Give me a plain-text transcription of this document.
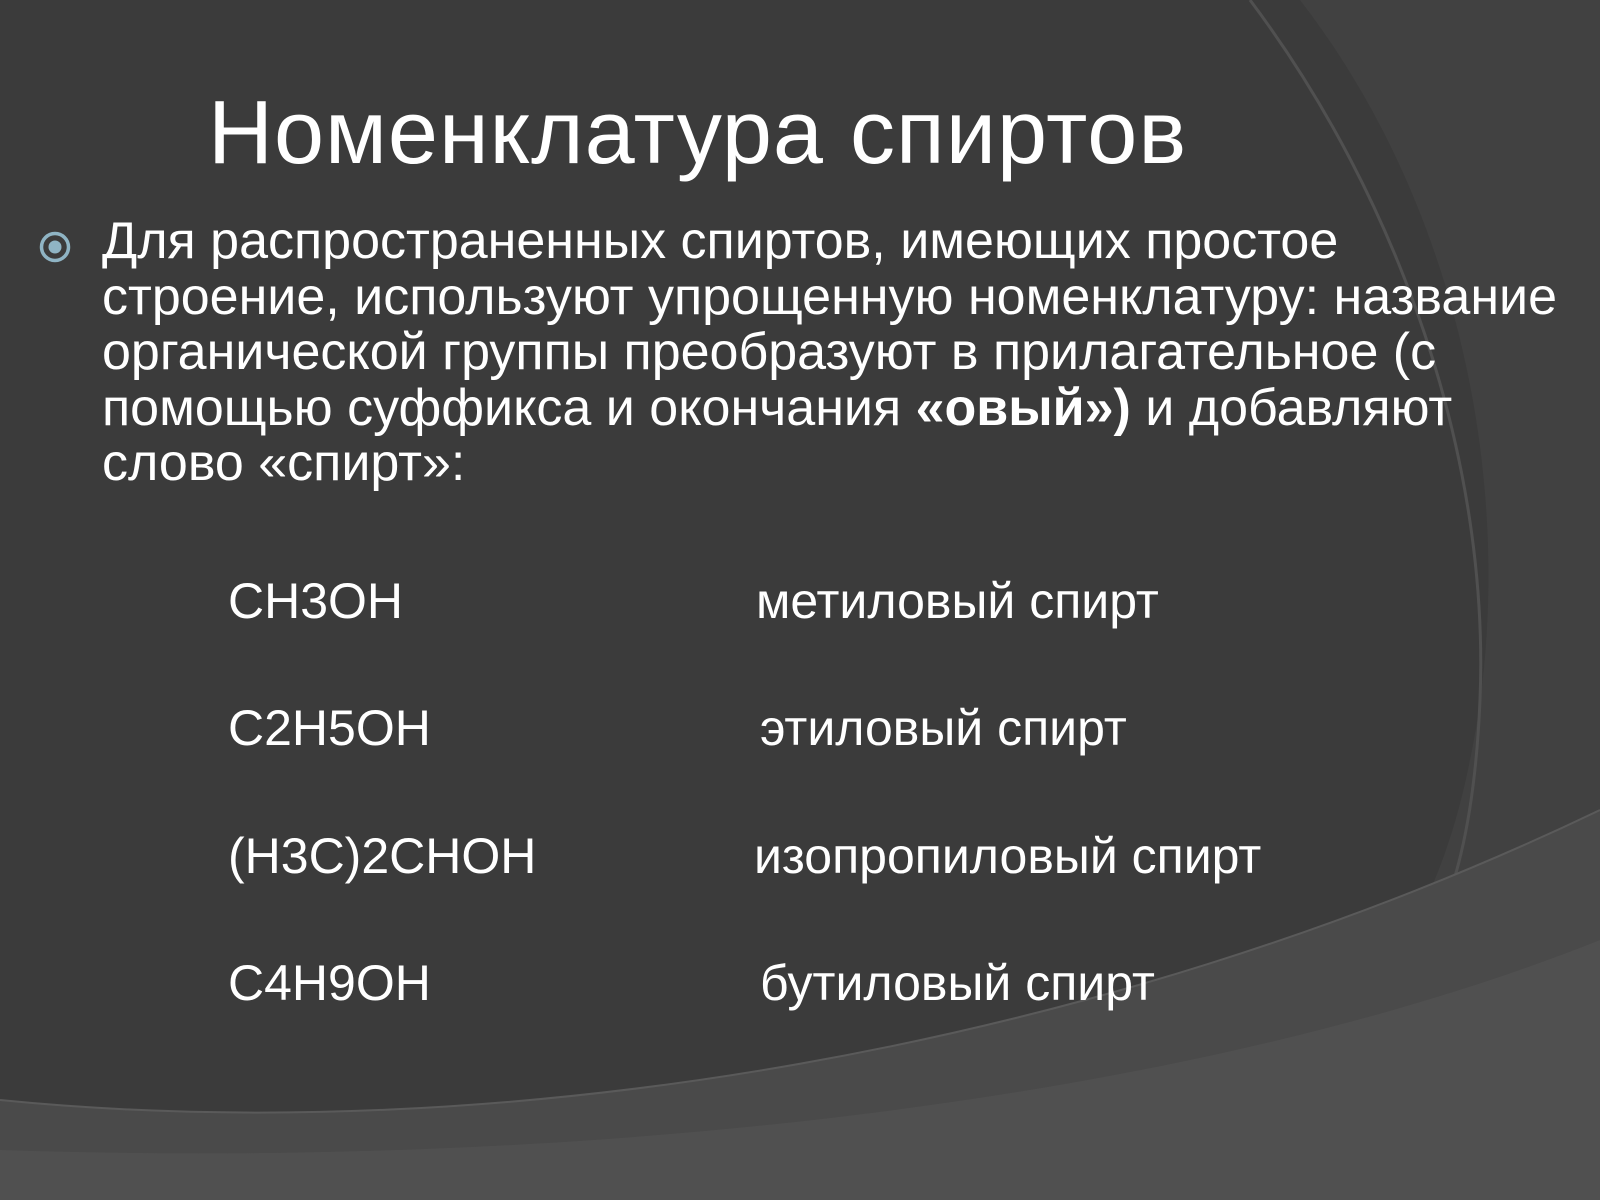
Номенклатура спиртов
Для распространенных спиртов, имеющих простое строение, используют упрощенную номенклатуру: название органической группы преобразуют в прилагательное (с помощью суффикса и окончания «овый») и добавляют слово «спирт»:
CH3OH	метиловый спирт
C2H5OH	этиловый спирт
(H3C)2CHOH	изопропиловый спирт
C4H9OH	бутиловый спирт
